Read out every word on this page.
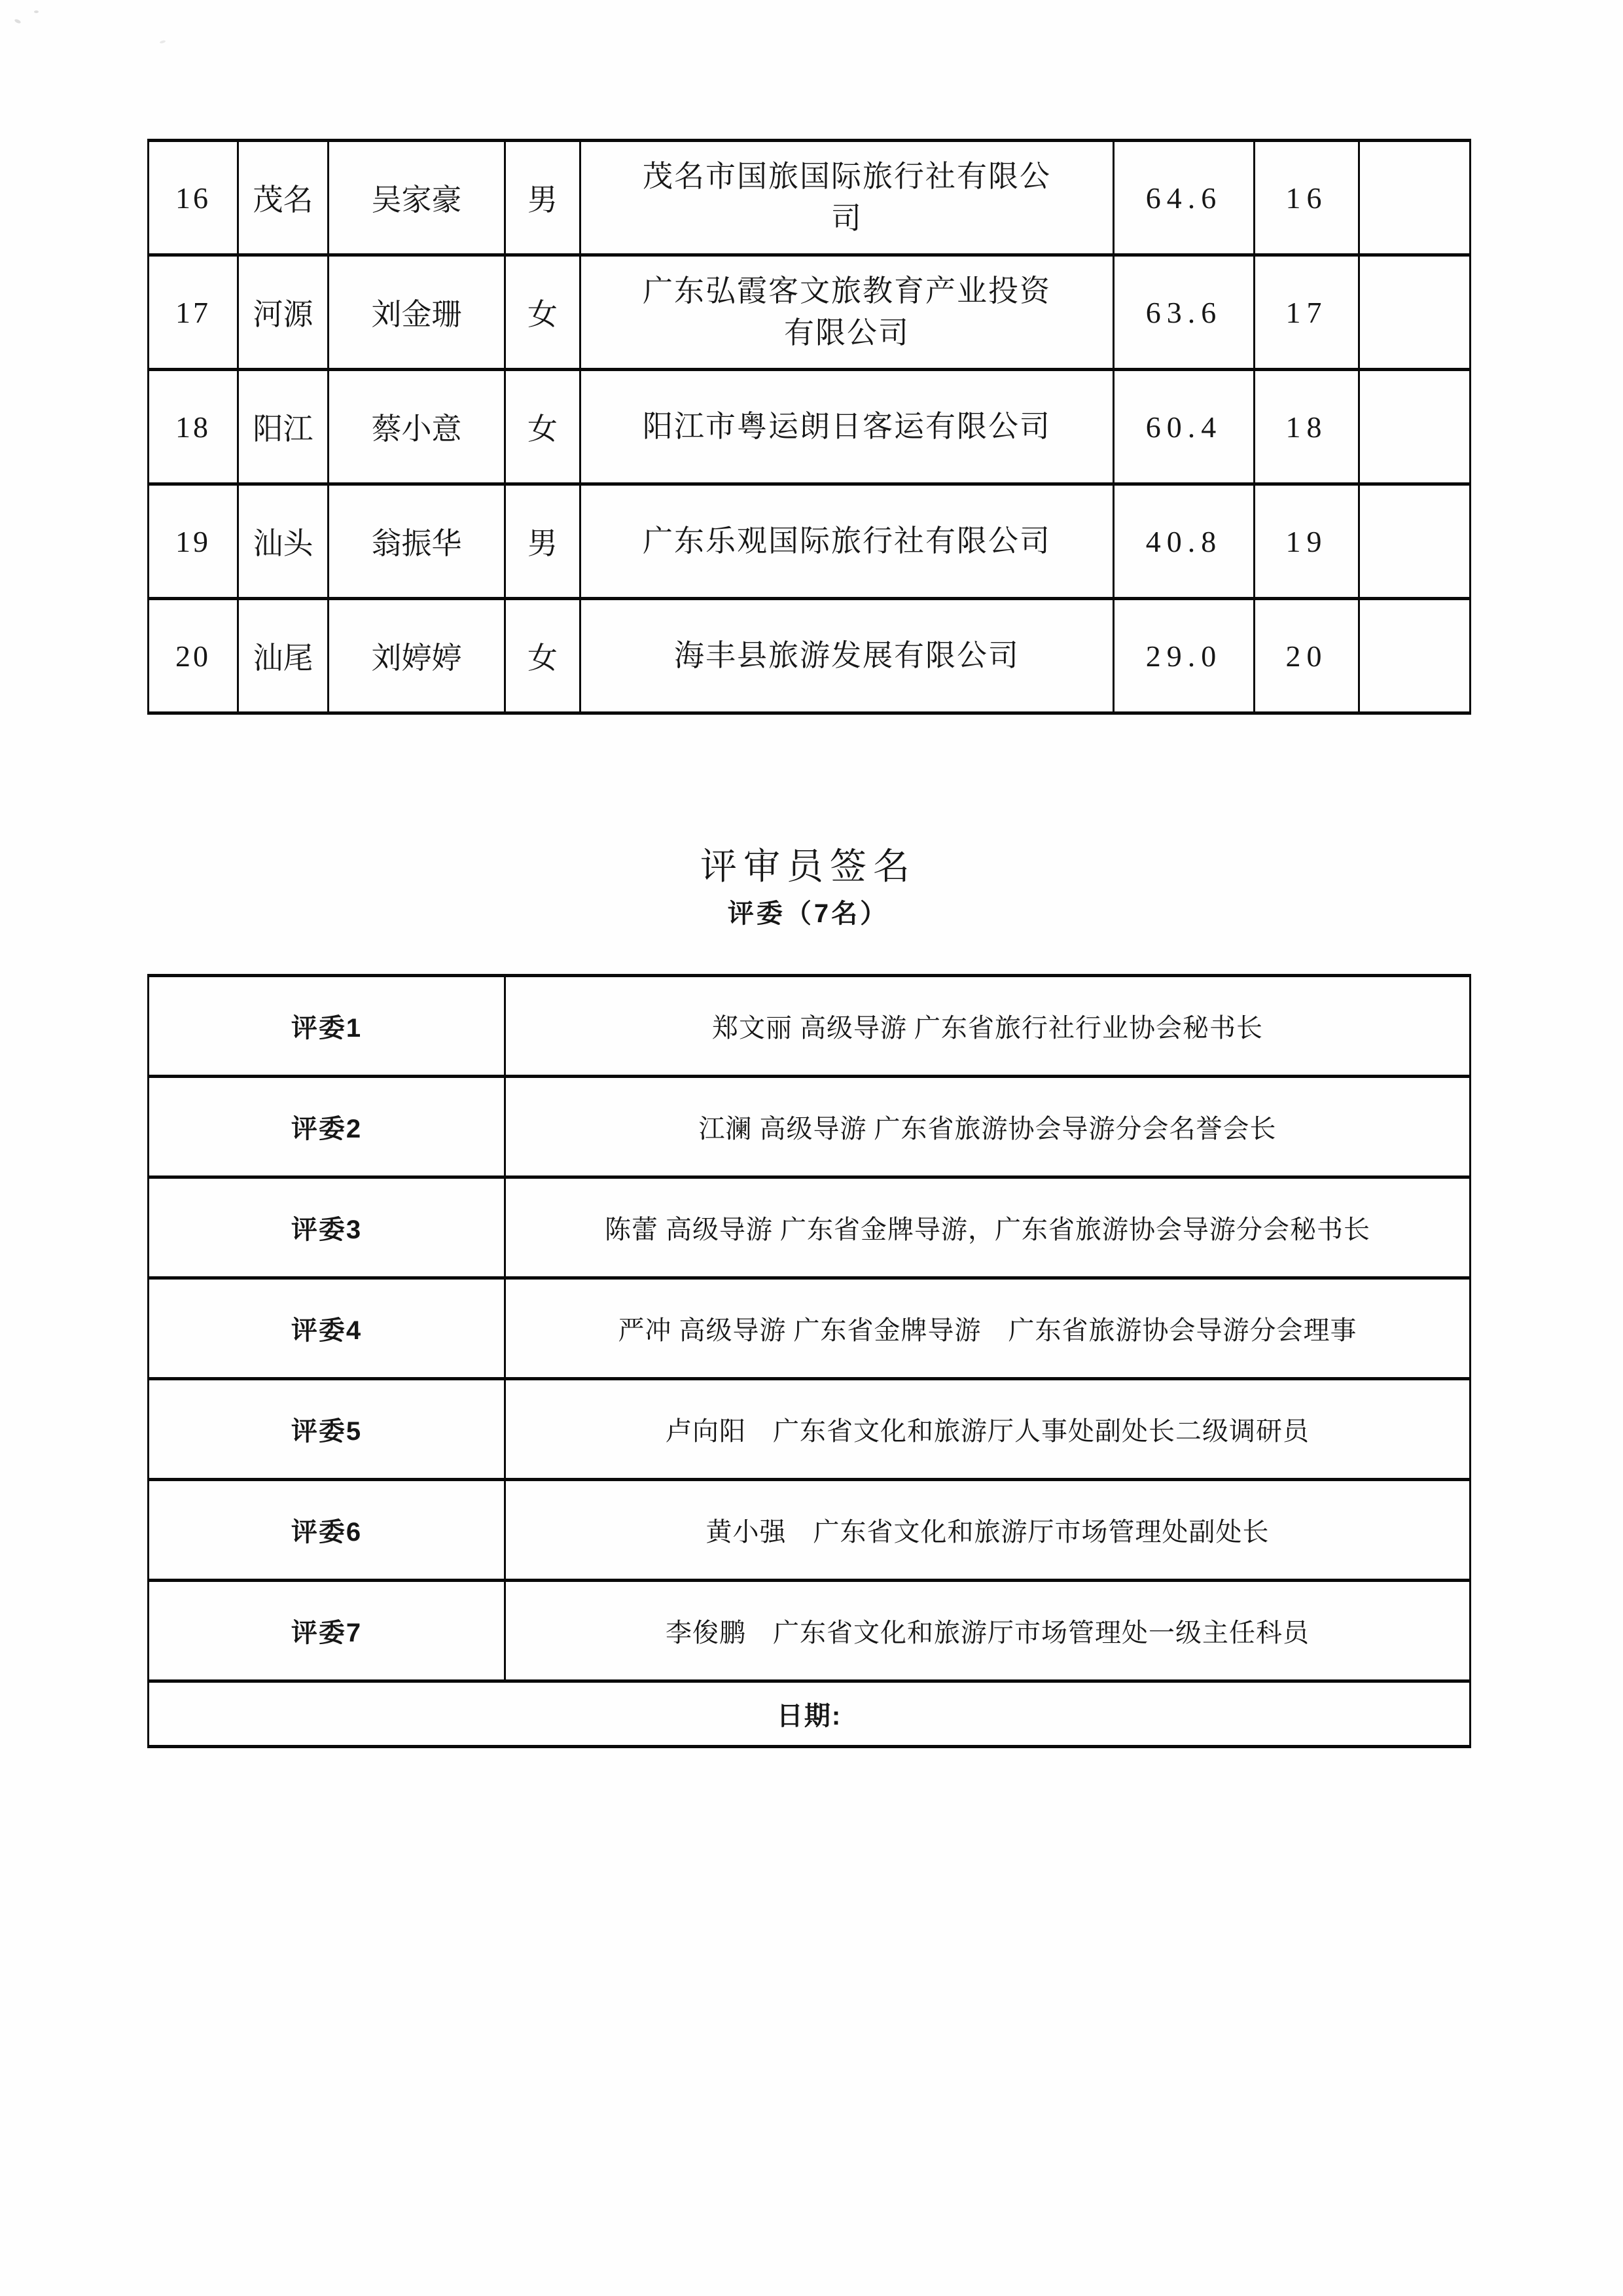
16	茂名	吴家豪	男	茂名市国旅国际旅行社有限公司	64.6	16	
17	河源	刘金珊	女	广东弘霞客文旅教育产业投资有限公司	63.6	17	
18	阳江	蔡小意	女	阳江市粤运朗日客运有限公司	60.4	18	
19	汕头	翁振华	男	广东乐观国际旅行社有限公司	40.8	19	
20	汕尾	刘婷婷	女	海丰县旅游发展有限公司	29.0	20	
评审员签名
评委（7名）
评委1	郑文丽 高级导游 广东省旅行社行业协会秘书长
评委2	江澜 高级导游 广东省旅游协会导游分会名誉会长
评委3	陈蕾 高级导游 广东省金牌导游，广东省旅游协会导游分会秘书长
评委4	严冲 高级导游 广东省金牌导游　广东省旅游协会导游分会理事
评委5	卢向阳　广东省文化和旅游厅人事处副处长二级调研员
评委6	黄小强　广东省文化和旅游厅市场管理处副处长
评委7	李俊鹏　广东省文化和旅游厅市场管理处一级主任科员
日期:	
